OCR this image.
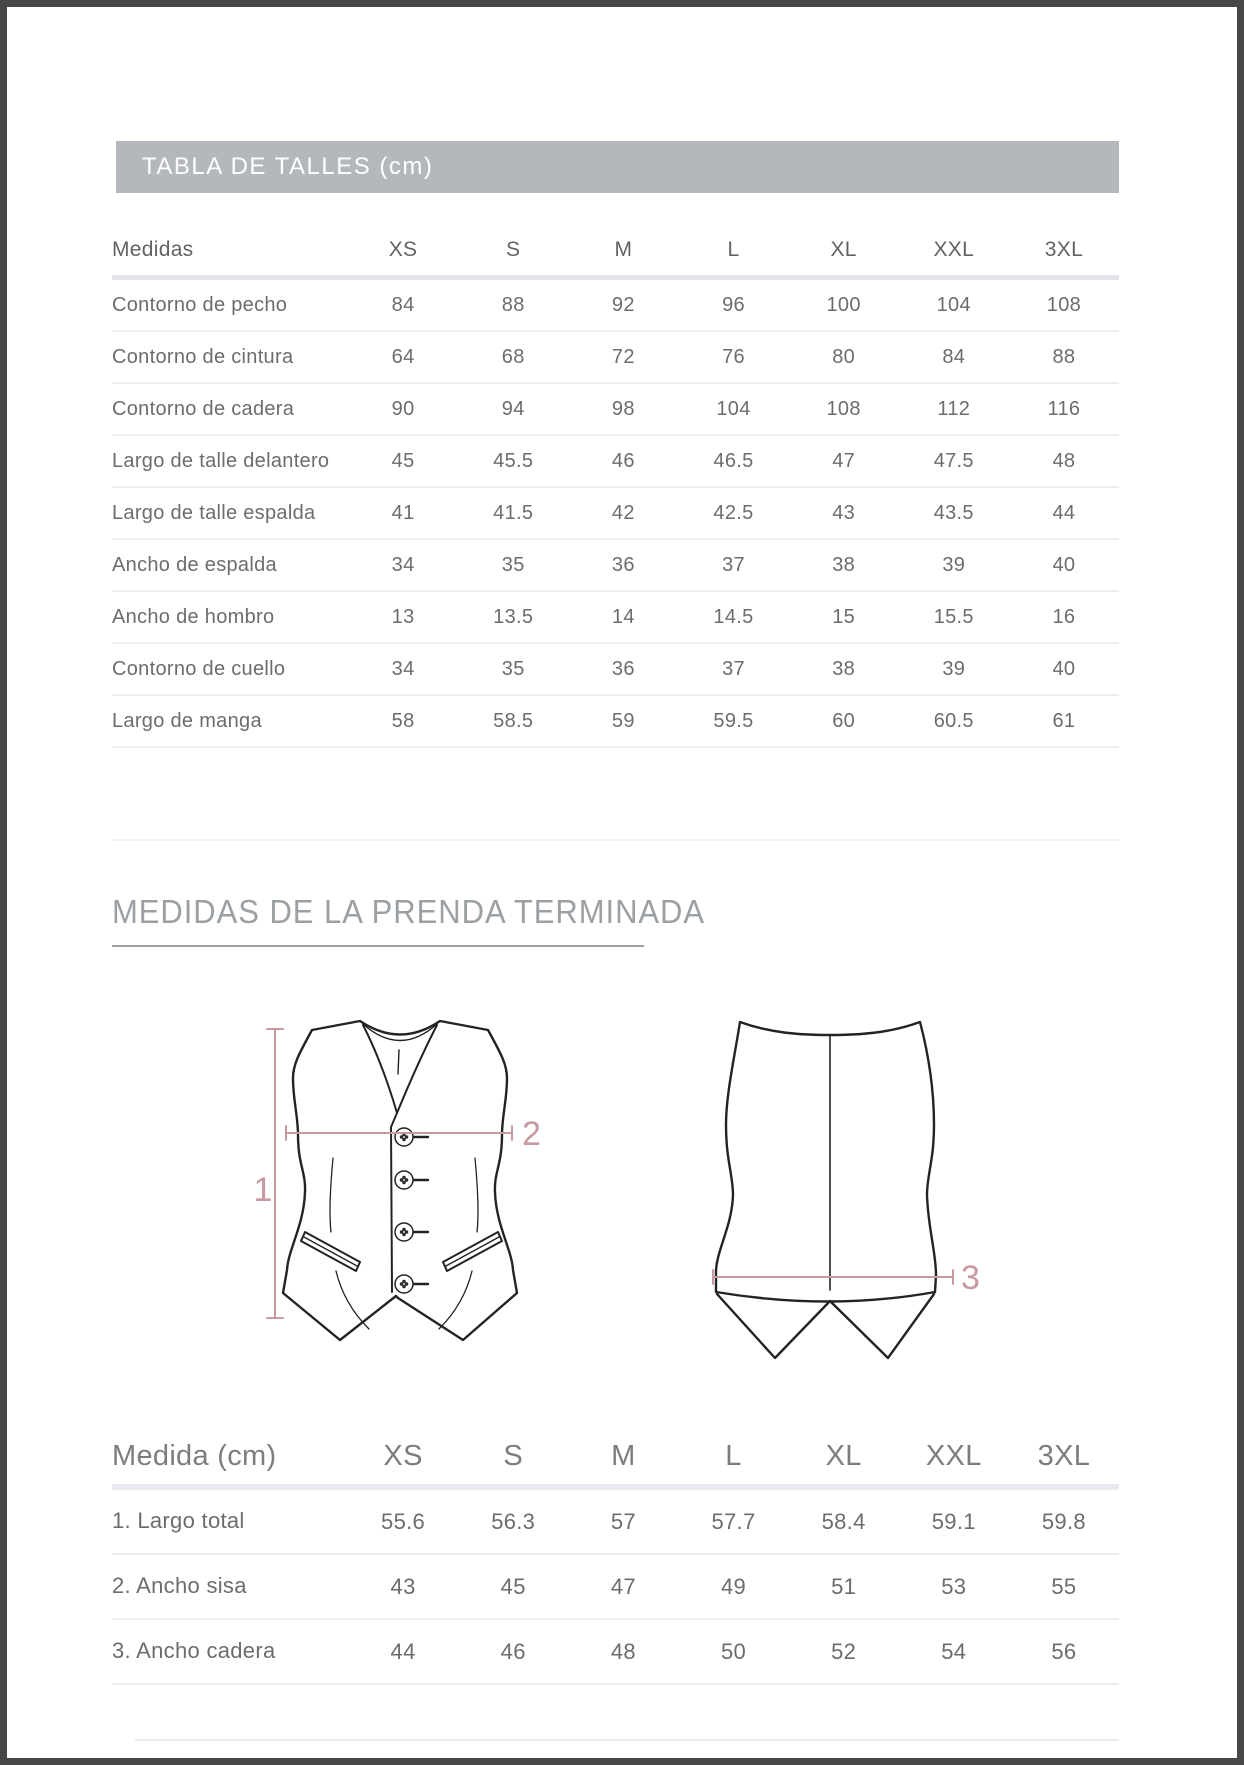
TABLA DE TALLES (cm)
Medidas	XS	S	M	L	XL	XXL	3XL
Contorno de pecho	84	88	92	96	100	104	108
Contorno de cintura	64	68	72	76	80	84	88
Contorno de cadera	90	94	98	104	108	112	116
Largo de talle delantero	45	45.5	46	46.5	47	47.5	48
Largo de talle espalda	41	41.5	42	42.5	43	43.5	44
Ancho de espalda	34	35	36	37	38	39	40
Ancho de hombro	13	13.5	14	14.5	15	15.5	16
Contorno de cuello	34	35	36	37	38	39	40
Largo de manga	58	58.5	59	59.5	60	60.5	61
MEDIDAS DE LA PRENDA TERMINADA
1
2
3
Medida (cm)	XS	S	M	L	XL	XXL	3XL
1. Largo total	55.6	56.3	57	57.7	58.4	59.1	59.8
2. Ancho sisa	43	45	47	49	51	53	55
3. Ancho cadera	44	46	48	50	52	54	56
